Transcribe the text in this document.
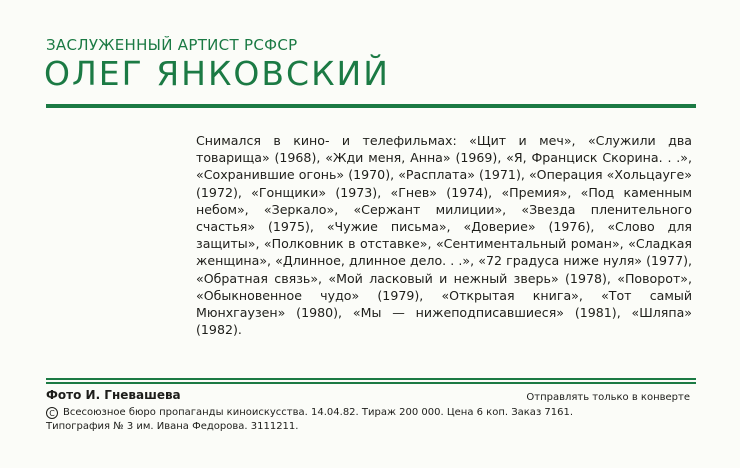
ЗАСЛУЖЕННЫЙ АРТИСТ РСФСР
ОЛЕГ ЯНКОВСКИЙ
Снимался в кино- и телефильмах: «Щит и меч», «Служили два товарища» (1968), «Жди меня, Анна» (1969), «Я, Франциск Скорина. . .», «Сохранившие огонь» (1970), «Расплата» (1971), «Операция «Хольцауге» (1972), «Гонщики» (1973), «Гнев» (1974), «Премия», «Под каменным небом», «Зеркало», «Сержант милиции», «Звезда пленительного счастья» (1975), «Чужие письма», «Доверие» (1976), «Слово для защиты», «Полковник в отставке», «Сентиментальный роман», «Сладкая женщина», «Длинное, длинное дело. . .», «72 градуса ниже нуля» (1977), «Обратная связь», «Мой ласковый и нежный зверь» (1978), «Поворот», «Обыкновенное чудо» (1979), «Открытая книга», «Тот самый Мюнхгаузен» (1980), «Мы — нижеподписавшиеся» (1981), «Шляпа» (1982).
Фото И. Гневашева	Отправлять только в конверте
C Всесоюзное бюро пропаганды киноискусства. 14.04.82. Тираж 200 000. Цена 6 коп. Заказ 7161.
Типография № 3 им. Ивана Федорова. 3111211.
